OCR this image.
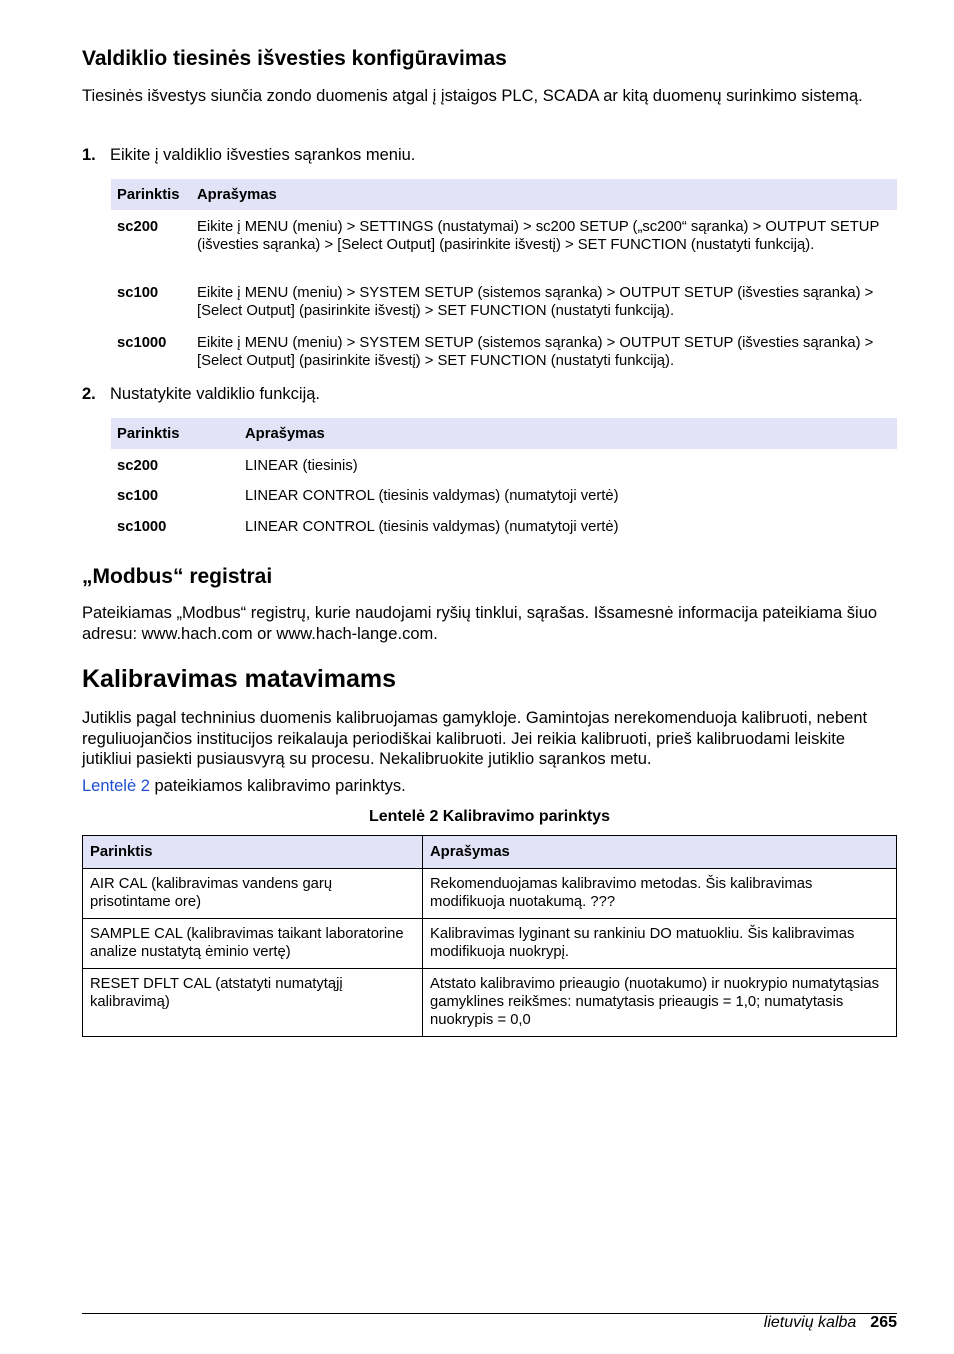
Valdiklio tiesinės išvesties konfigūravimas

Tiesinės išvestys siunčia zondo duomenis atgal į įstaigos PLC, SCADA ar kitą duomenų surinkimo sistemą.

1. Eikite į valdiklio išvesties sąrankos meniu.
Parinktis	Aprašymas
sc200	Eikite į MENU (meniu) > SETTINGS (nustatymai) > sc200 SETUP („sc200“ sąranka) > OUTPUT SETUP (išvesties sąranka) > [Select Output] (pasirinkite išvestį) > SET FUNCTION (nustatyti funkciją).
sc100	Eikite į MENU (meniu) > SYSTEM SETUP (sistemos sąranka) > OUTPUT SETUP (išvesties sąranka) > [Select Output] (pasirinkite išvestį) > SET FUNCTION (nustatyti funkciją).
sc1000	Eikite į MENU (meniu) > SYSTEM SETUP (sistemos sąranka) > OUTPUT SETUP (išvesties sąranka) > [Select Output] (pasirinkite išvestį) > SET FUNCTION (nustatyti funkciją).
2. Nustatykite valdiklio funkciją.
Parinktis	Aprašymas
sc200	LINEAR (tiesinis)
sc100	LINEAR CONTROL (tiesinis valdymas) (numatytoji vertė)
sc1000	LINEAR CONTROL (tiesinis valdymas) (numatytoji vertė)
„Modbus“ registrai

Pateikiamas „Modbus“ registrų, kurie naudojami ryšių tinklui, sąrašas. Išsamesnė informacija pateikiama šiuo adresu: www.hach.com or www.hach-lange.com.

Kalibravimas matavimams

Jutiklis pagal techninius duomenis kalibruojamas gamykloje. Gamintojas nerekomenduoja kalibruoti, nebent reguliuojančios institucijos reikalauja periodiškai kalibruoti. Jei reikia kalibruoti, prieš kalibruodami leiskite jutikliui pasiekti pusiausvyrą su procesu. Nekalibruokite jutiklio sąrankos metu.

Lentelė 2 pateikiamos kalibravimo parinktys.

Lentelė 2 Kalibravimo parinktys
Parinktis	Aprašymas
AIR CAL (kalibravimas vandens garų prisotintame ore)	Rekomenduojamas kalibravimo metodas. Šis kalibravimas modifikuoja nuotakumą. ???
SAMPLE CAL (kalibravimas taikant laboratorine analize nustatytą ėminio vertę)	Kalibravimas lyginant su rankiniu DO matuokliu. Šis kalibravimas modifikuoja nuokrypį.
RESET DFLT CAL (atstatyti numatytąjį kalibravimą)	Atstato kalibravimo prieaugio (nuotakumo) ir nuokrypio numatytąsias gamyklines reikšmes: numatytasis prieaugis = 1,0; numatytasis nuokrypis = 0,0
lietuvių kalba 265
